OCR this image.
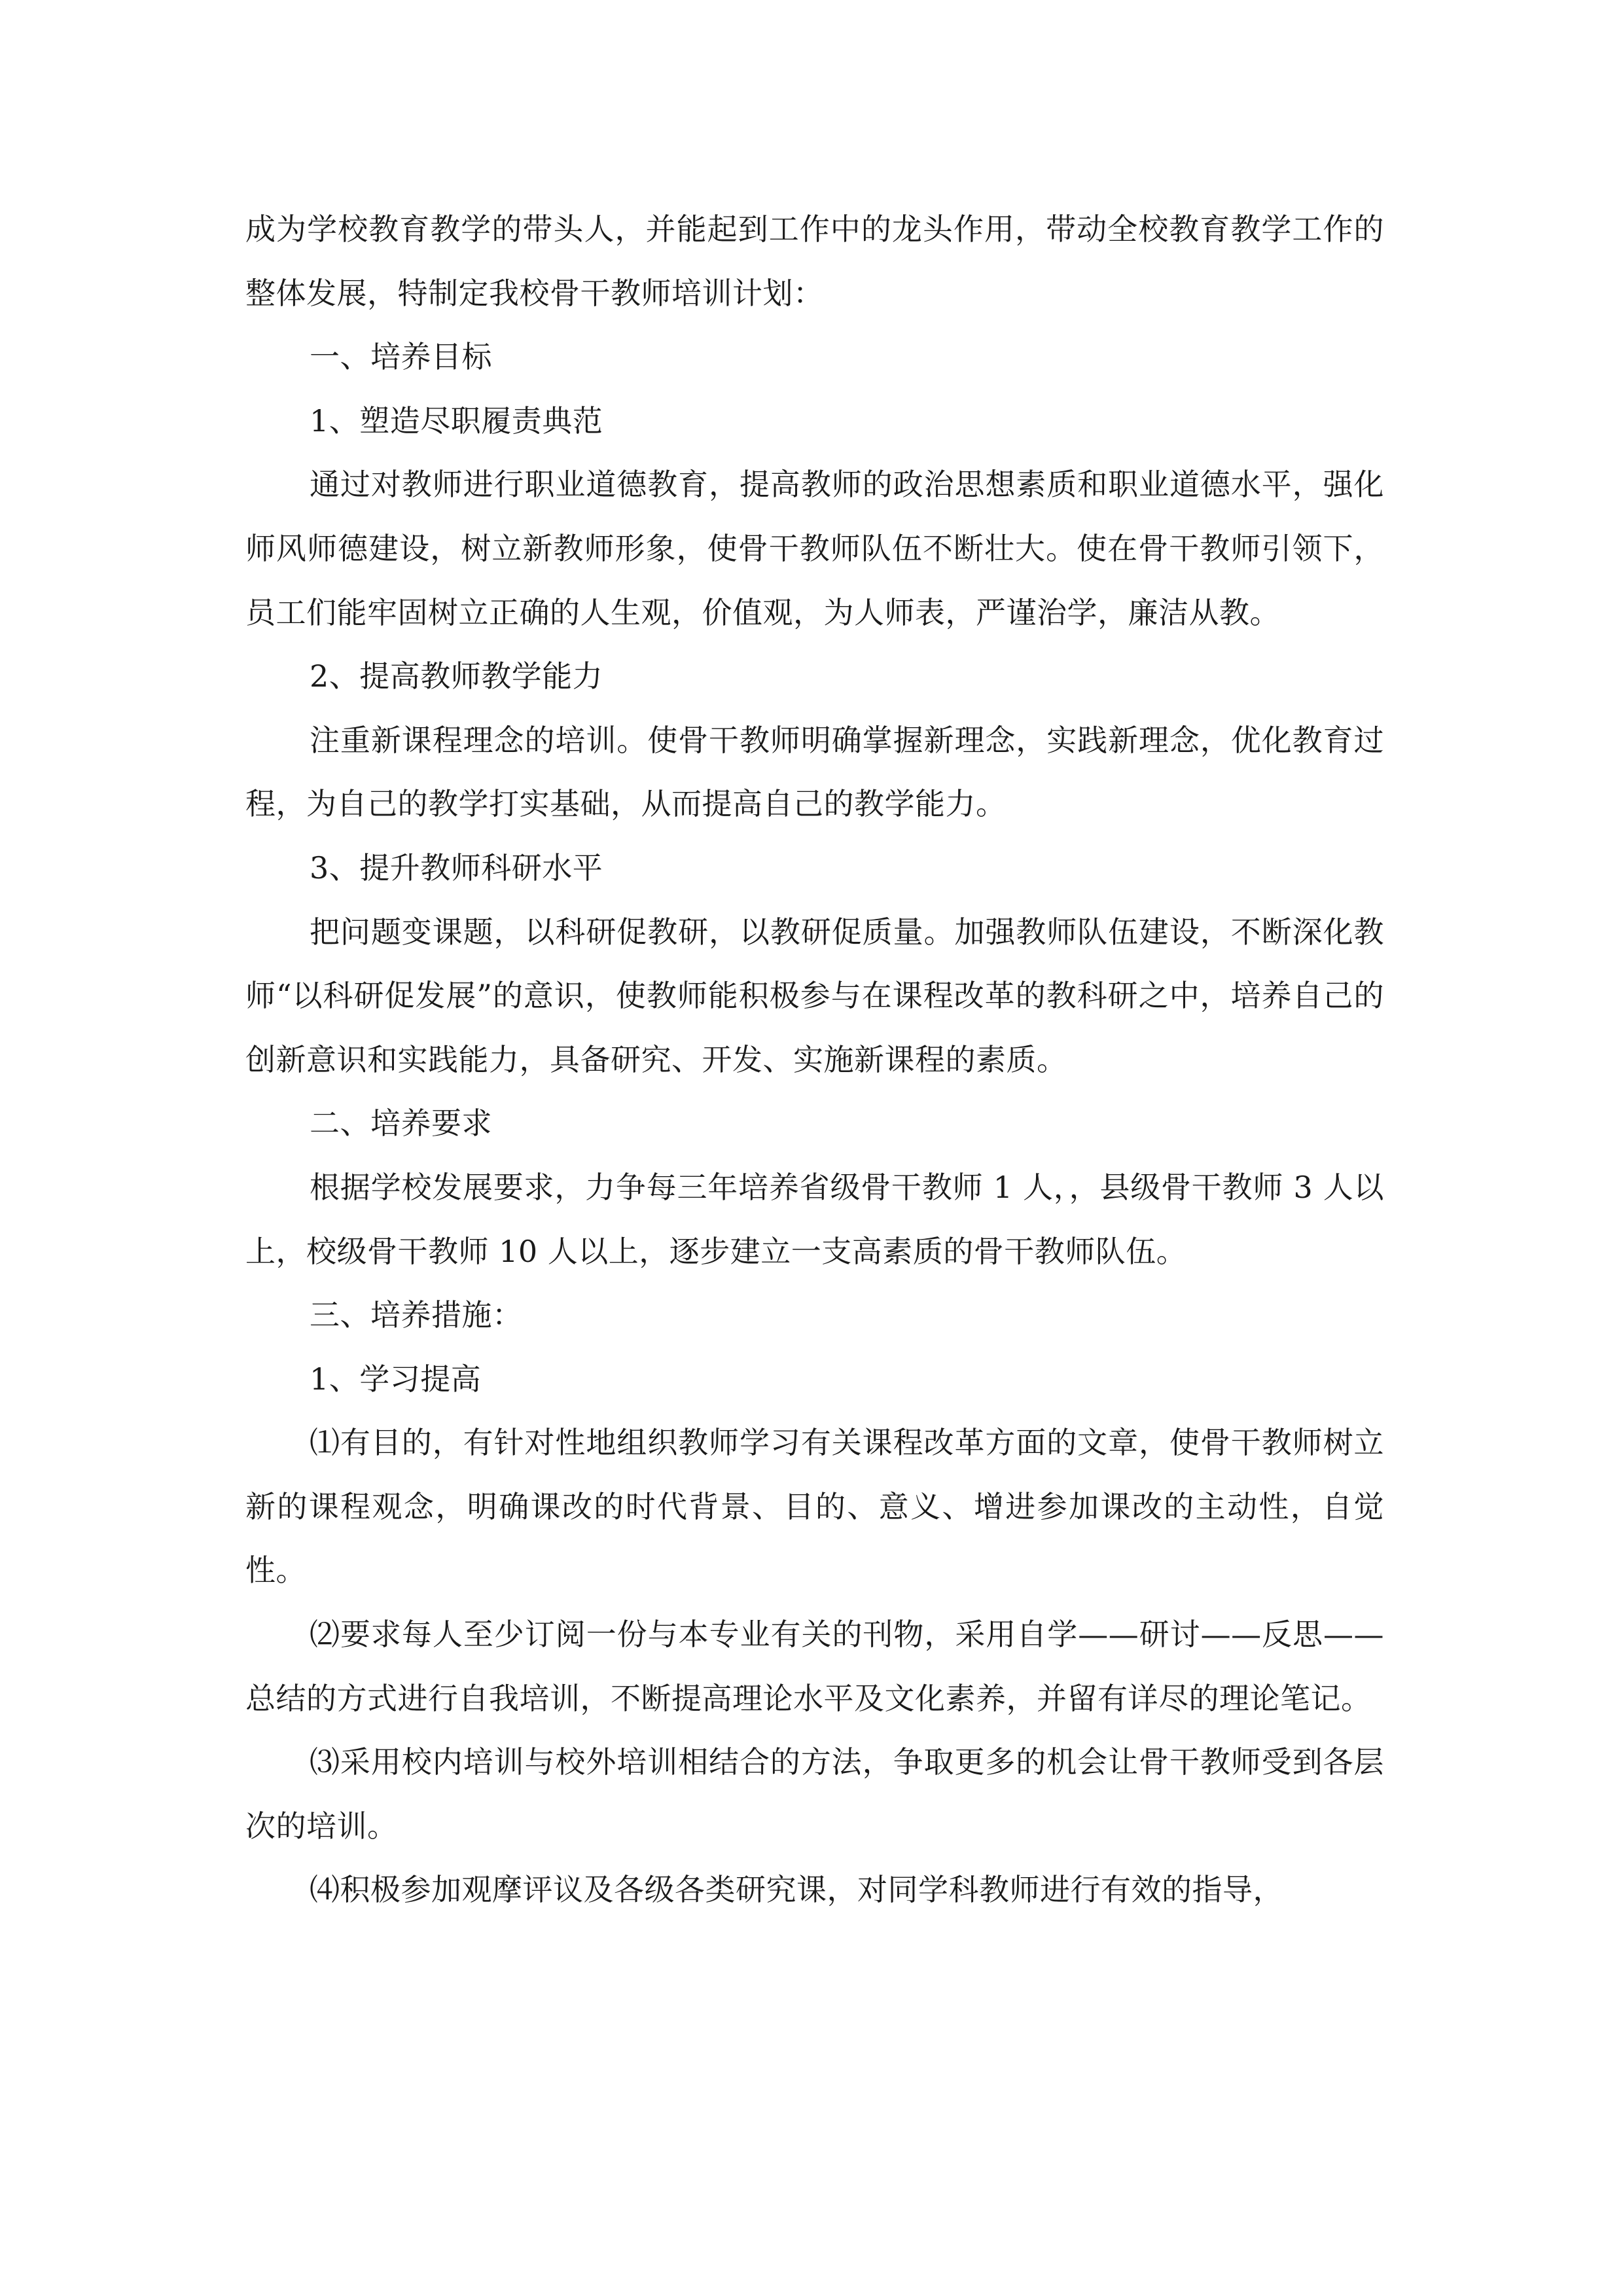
成为学校教育教学的带头人，并能起到工作中的龙头作用，带动全校教育教学工作的整体发展，特制定我校骨干教师培训计划：

一、培养目标

1、塑造尽职履责典范

通过对教师进行职业道德教育，提高教师的政治思想素质和职业道德水平，强化师风师德建设，树立新教师形象，使骨干教师队伍不断壮大。使在骨干教师引领下，员工们能牢固树立正确的人生观，价值观，为人师表，严谨治学，廉洁从教。

2、提高教师教学能力

注重新课程理念的培训。使骨干教师明确掌握新理念，实践新理念，优化教育过程，为自己的教学打实基础，从而提高自己的教学能力。

3、提升教师科研水平

把问题变课题，以科研促教研，以教研促质量。加强教师队伍建设，不断深化教师“以科研促发展”的意识，使教师能积极参与在课程改革的教科研之中，培养自己的创新意识和实践能力，具备研究、开发、实施新课程的素质。

二、培养要求

根据学校发展要求，力争每三年培养省级骨干教师 1 人，，县级骨干教师 3 人以上，校级骨干教师 10 人以上，逐步建立一支高素质的骨干教师队伍。

三、培养措施：

1、学习提高

⑴有目的，有针对性地组织教师学习有关课程改革方面的文章，使骨干教师树立新的课程观念，明确课改的时代背景、目的、意义、增进参加课改的主动性，自觉性。

⑵要求每人至少订阅一份与本专业有关的刊物，采用自学——研讨——反思——总结的方式进行自我培训，不断提高理论水平及文化素养，并留有详尽的理论笔记。

⑶采用校内培训与校外培训相结合的方法，争取更多的机会让骨干教师受到各层次的培训。

⑷积极参加观摩评议及各级各类研究课，对同学科教师进行有效的指导，
